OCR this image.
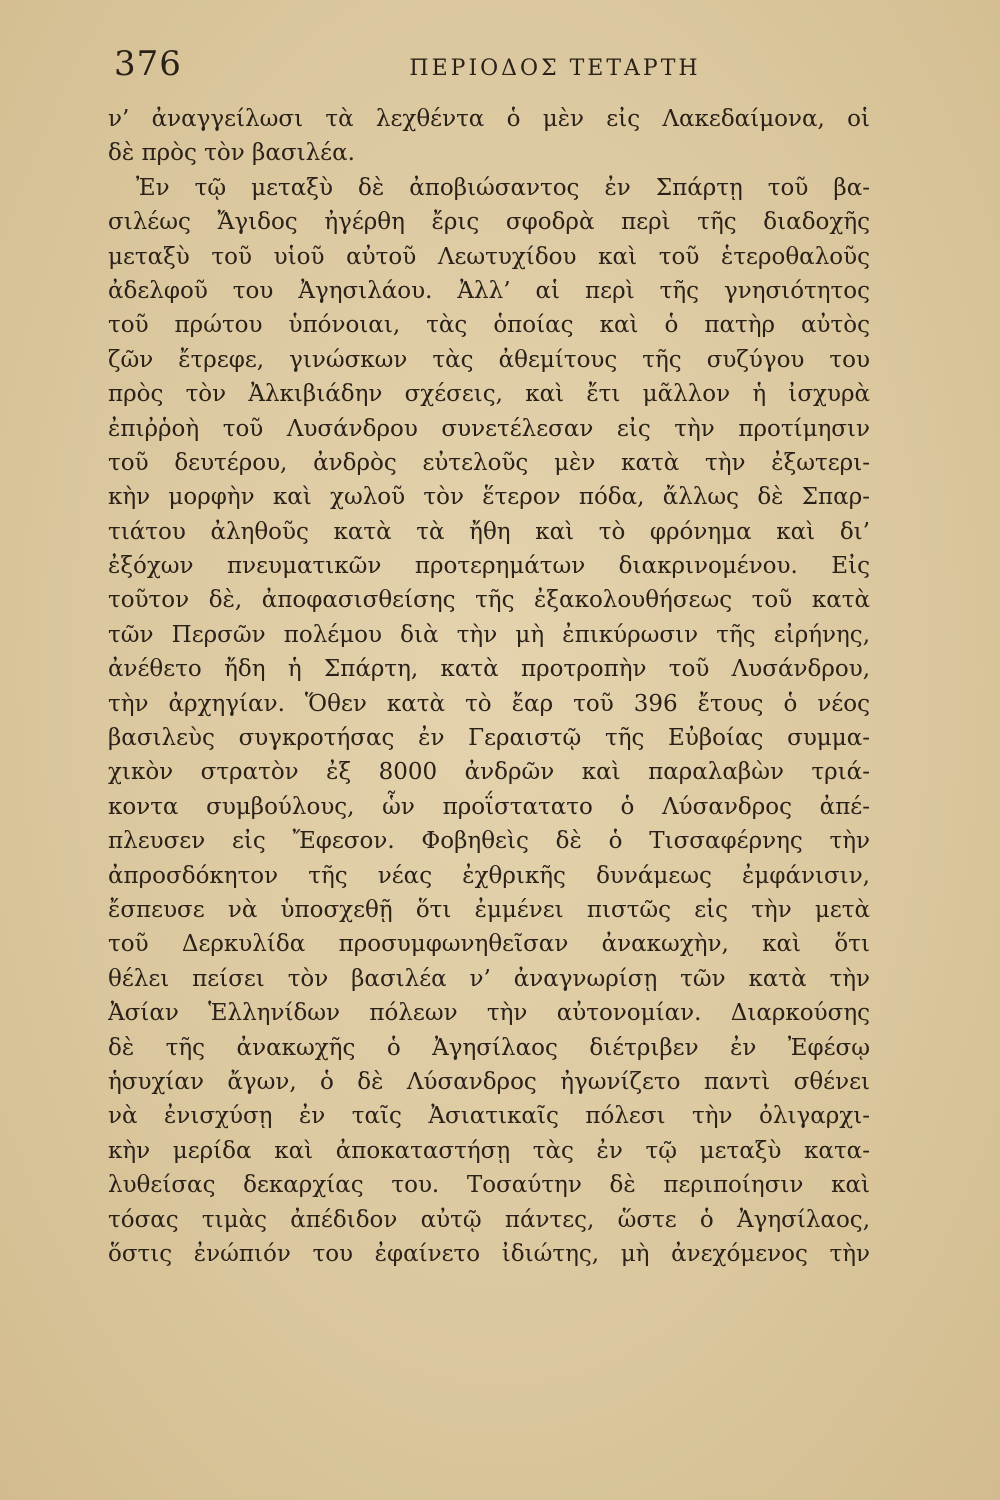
376	ΠΕΡΙΟΔΟΣ ΤΕΤΑΡΤΗ
ν’ ἀναγγείλωσι τὰ λεχθέντα ὁ μὲν εἰς Λακεδαίμονα, οἱ
δὲ πρὸς τὸν βασιλέα.
Ἐν τῷ μεταξὺ δὲ ἀποβιώσαντος ἐν Σπάρτῃ τοῦ βα-
σιλέως Ἄγιδος ἠγέρθη ἔρις σφοδρὰ περὶ τῆς διαδοχῆς
μεταξὺ τοῦ υἱοῦ αὐτοῦ Λεωτυχίδου καὶ τοῦ ἑτεροθαλοῦς
ἀδελφοῦ του Ἀγησιλάου. Ἀλλ’ αἱ περὶ τῆς γνησιότητος
τοῦ πρώτου ὑπόνοιαι, τὰς ὁποίας καὶ ὁ πατὴρ αὐτὸς
ζῶν ἔτρεφε, γινώσκων τὰς ἀθεμίτους τῆς συζύγου του
πρὸς τὸν Ἀλκιβιάδην σχέσεις, καὶ ἔτι μᾶλλον ἡ ἰσχυρὰ
ἐπιῤῥοὴ τοῦ Λυσάνδρου συνετέλεσαν εἰς τὴν προτίμησιν
τοῦ δευτέρου, ἀνδρὸς εὐτελοῦς μὲν κατὰ τὴν ἐξωτερι-
κὴν μορφὴν καὶ χωλοῦ τὸν ἕτερον πόδα, ἄλλως δὲ Σπαρ-
τιάτου ἀληθοῦς κατὰ τὰ ἤθη καὶ τὸ φρόνημα καὶ δι’
ἐξόχων πνευματικῶν προτερημάτων διακρινομένου. Εἰς
τοῦτον δὲ, ἀποφασισθείσης τῆς ἐξακολουθήσεως τοῦ κατὰ
τῶν Περσῶν πολέμου διὰ τὴν μὴ ἐπικύρωσιν τῆς εἰρήνης,
ἀνέθετο ἤδη ἡ Σπάρτη, κατὰ προτροπὴν τοῦ Λυσάνδρου,
τὴν ἀρχηγίαν. Ὅθεν κατὰ τὸ ἔαρ τοῦ 396 ἔτους ὁ νέος
βασιλεὺς συγκροτήσας ἐν Γεραιστῷ τῆς Εὐβοίας συμμα-
χικὸν στρατὸν ἐξ 8000 ἀνδρῶν καὶ παραλαβὼν τριά-
κοντα συμβούλους, ὧν προΐστατατο ὁ Λύσανδρος ἀπέ-
πλευσεν εἰς Ἔφεσον. Φοβηθεὶς δὲ ὁ Τισσαφέρνης τὴν
ἀπροσδόκητον τῆς νέας ἐχθρικῆς δυνάμεως ἐμφάνισιν,
ἔσπευσε νὰ ὑποσχεθῇ ὅτι ἐμμένει πιστῶς εἰς τὴν μετὰ
τοῦ Δερκυλίδα προσυμφωνηθεῖσαν ἀνακωχὴν, καὶ ὅτι
θέλει πείσει τὸν βασιλέα ν’ ἀναγνωρίσῃ τῶν κατὰ τὴν
Ἀσίαν Ἑλληνίδων πόλεων τὴν αὐτονομίαν. Διαρκούσης
δὲ τῆς ἀνακωχῆς ὁ Ἀγησίλαος διέτριβεν ἐν Ἐφέσῳ
ἡσυχίαν ἄγων, ὁ δὲ Λύσανδρος ἠγωνίζετο παντὶ σθένει
νὰ ἐνισχύσῃ ἐν ταῖς Ἀσιατικαῖς πόλεσι τὴν ὀλιγαρχι-
κὴν μερίδα καὶ ἀποκαταστήσῃ τὰς ἐν τῷ μεταξὺ κατα-
λυθείσας δεκαρχίας του. Τοσαύτην δὲ περιποίησιν καὶ
τόσας τιμὰς ἀπέδιδον αὐτῷ πάντες, ὥστε ὁ Ἀγησίλαος,
ὅστις ἐνώπιόν του ἐφαίνετο ἰδιώτης, μὴ ἀνεχόμενος τὴν
